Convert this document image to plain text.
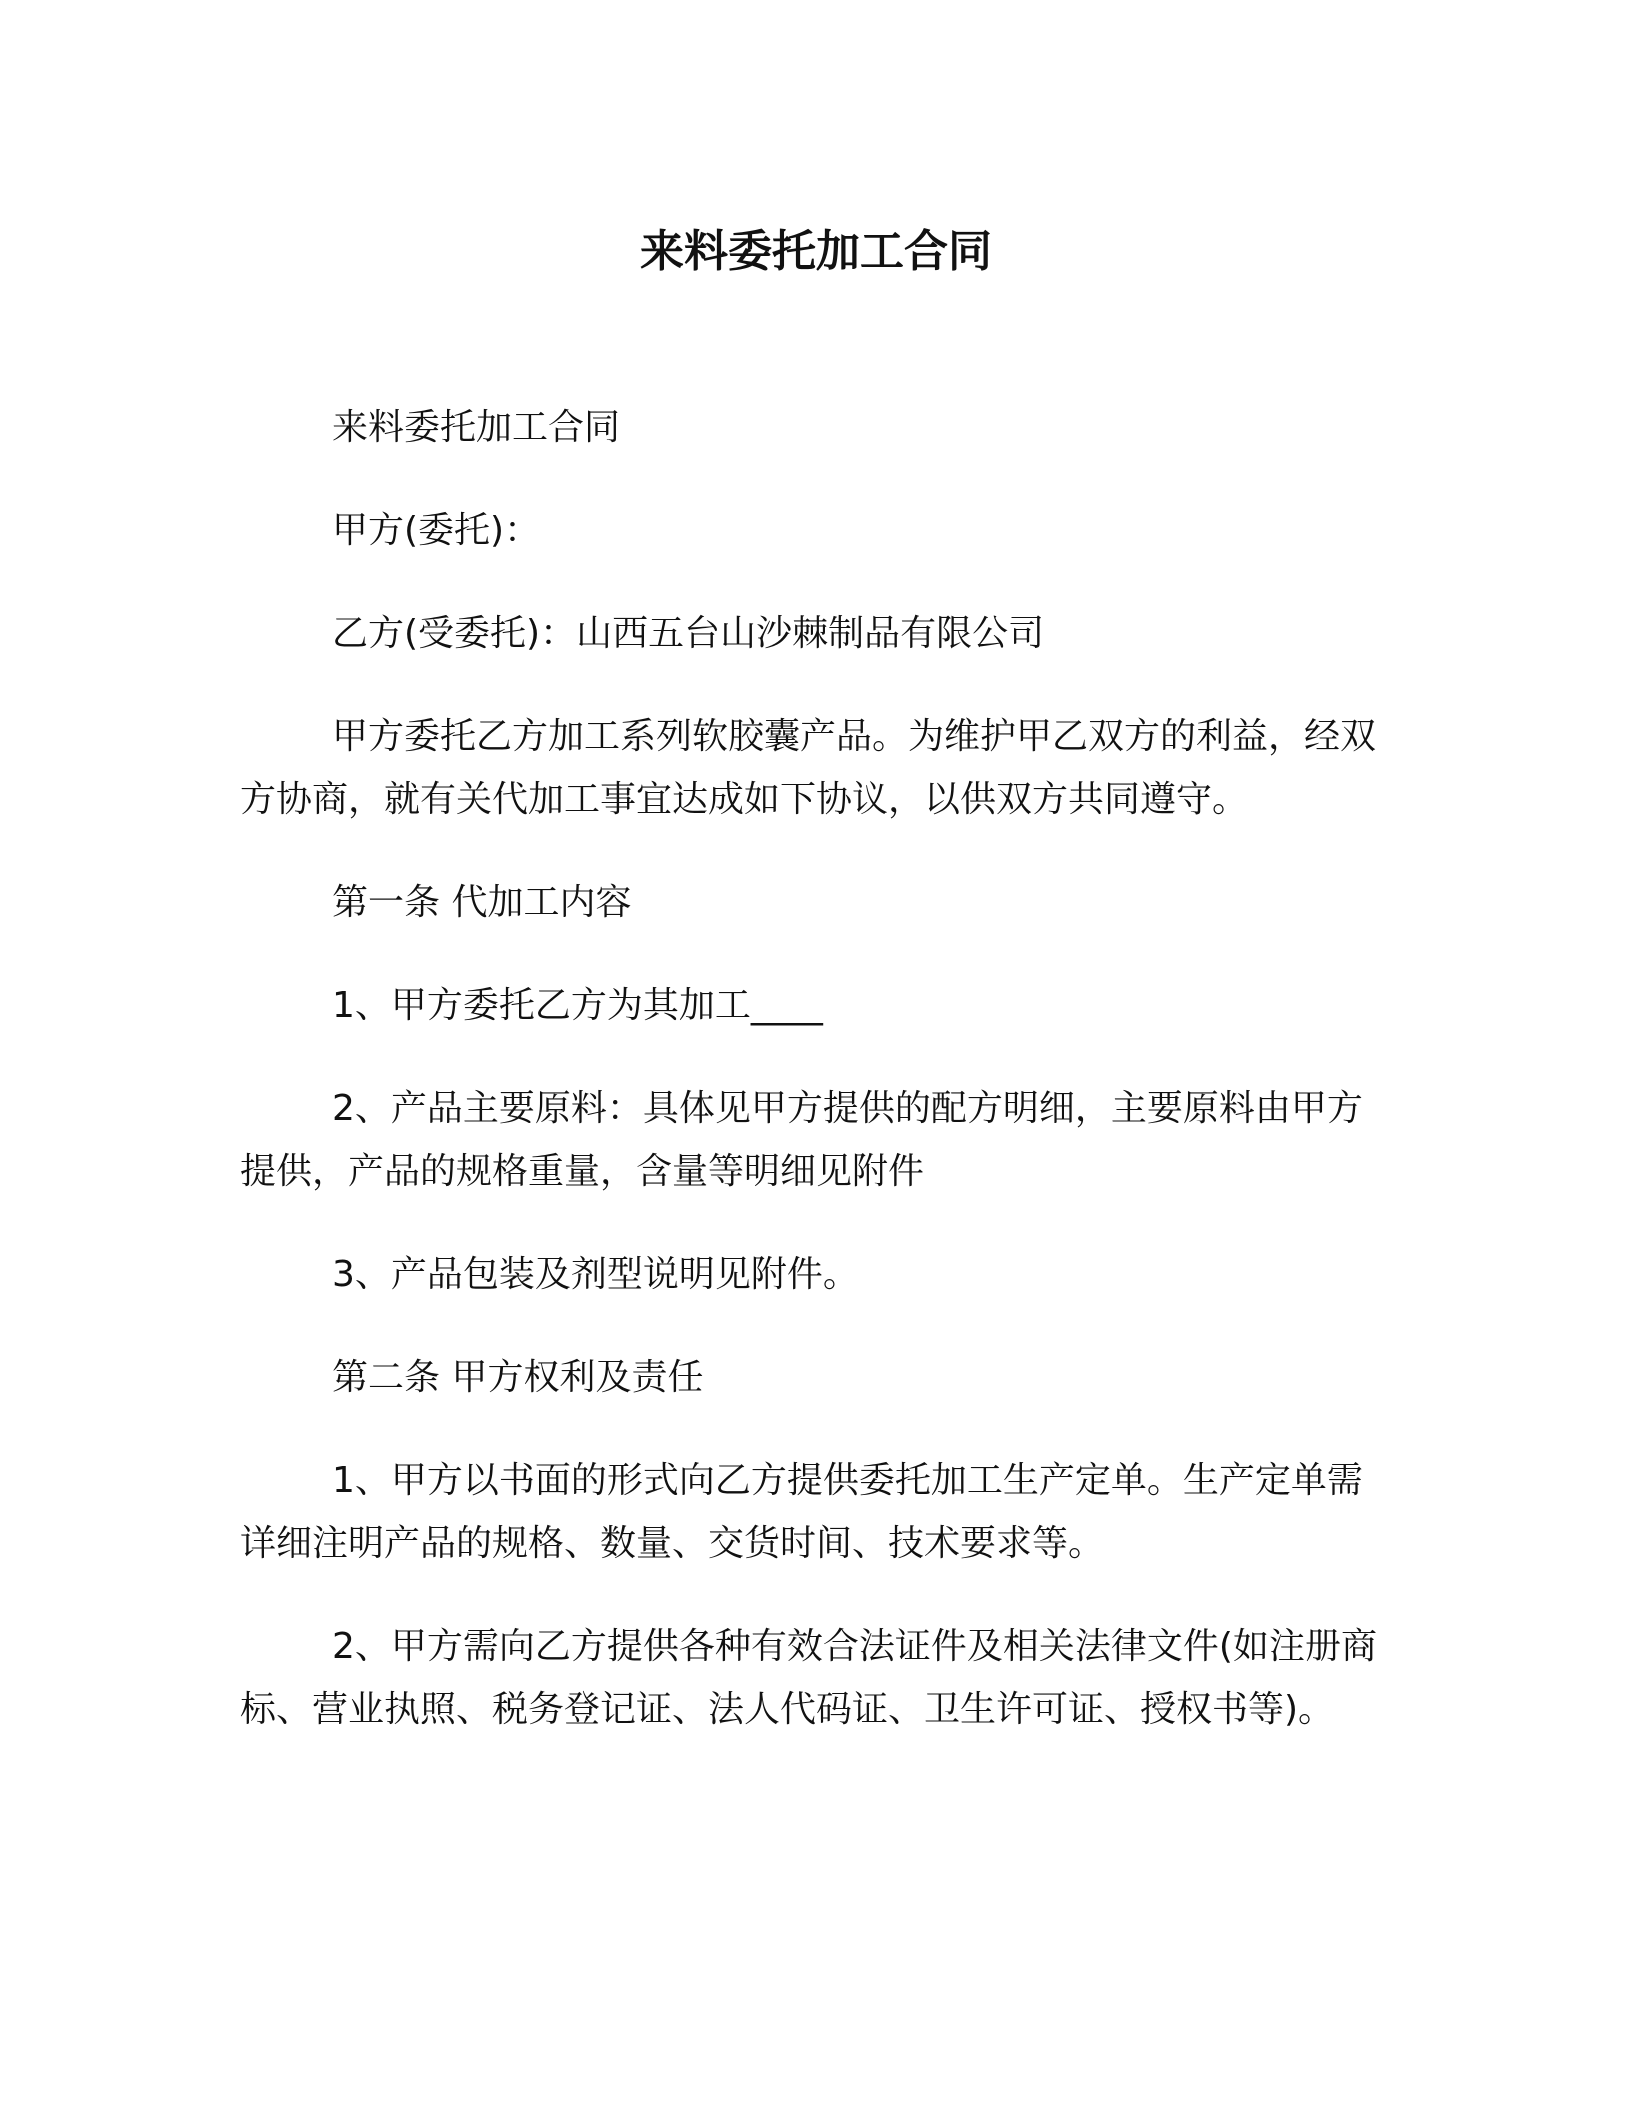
来料委托加工合同

来料委托加工合同

甲方(委托)：

乙方(受委托)：山西五台山沙棘制品有限公司

甲方委托乙方加工系列软胶囊产品。为维护甲乙双方的利益，经双方协商，就有关代加工事宜达成如下协议，以供双方共同遵守。

第一条 代加工内容

1、甲方委托乙方为其加工____

2、产品主要原料：具体见甲方提供的配方明细，主要原料由甲方提供，产品的规格重量，含量等明细见附件

3、产品包装及剂型说明见附件。

第二条 甲方权利及责任

1、甲方以书面的形式向乙方提供委托加工生产定单。生产定单需详细注明产品的规格、数量、交货时间、技术要求等。

2、甲方需向乙方提供各种有效合法证件及相关法律文件(如注册商标、营业执照、税务登记证、法人代码证、卫生许可证、授权书等)。
